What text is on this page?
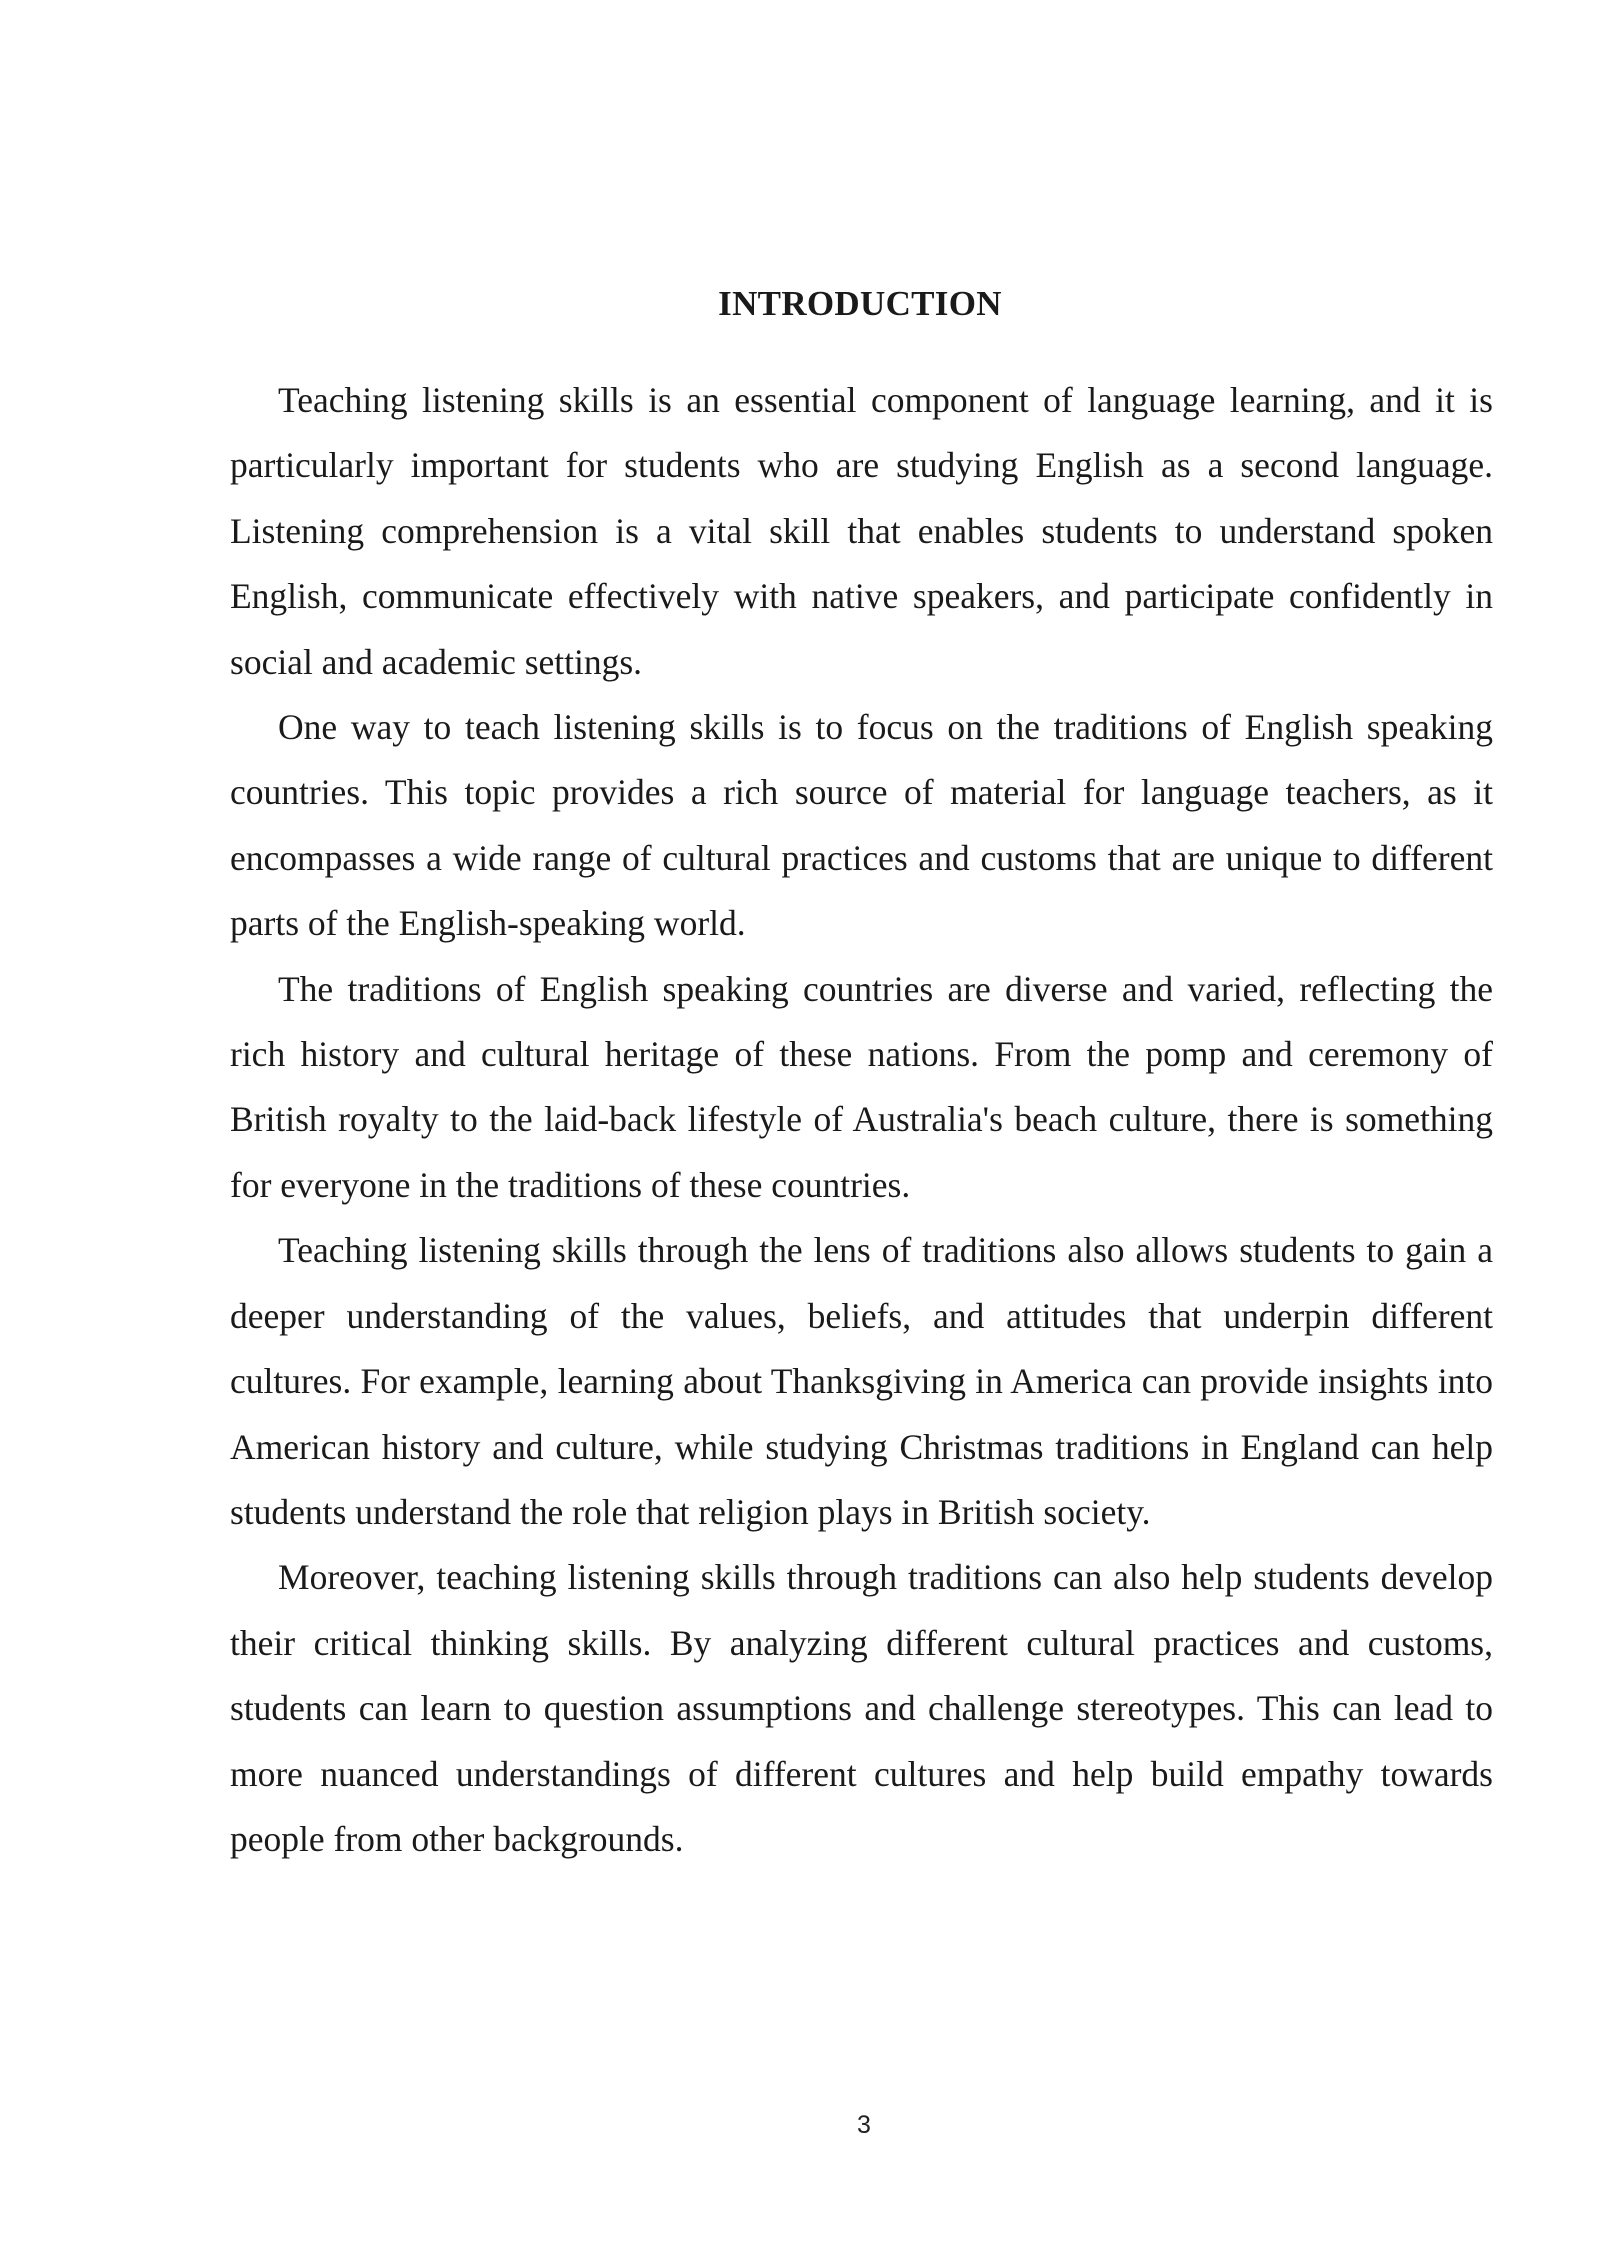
INTRODUCTION

Teaching listening skills is an essential component of language learning, and it is particularly important for students who are studying English as a second language. Listening comprehension is a vital skill that enables students to understand spoken English, communicate effectively with native speakers, and participate confidently in social and academic settings.

One way to teach listening skills is to focus on the traditions of English speaking countries. This topic provides a rich source of material for language teachers, as it encompasses a wide range of cultural practices and customs that are unique to different parts of the English-speaking world.

The traditions of English speaking countries are diverse and varied, reflecting the rich history and cultural heritage of these nations. From the pomp and ceremony of British royalty to the laid-back lifestyle of Australia's beach culture, there is something for everyone in the traditions of these countries.

Teaching listening skills through the lens of traditions also allows students to gain a deeper understanding of the values, beliefs, and attitudes that underpin different cultures. For example, learning about Thanksgiving in America can provide insights into American history and culture, while studying Christmas traditions in England can help students understand the role that religion plays in British society.

Moreover, teaching listening skills through traditions can also help students develop their critical thinking skills. By analyzing different cultural practices and customs, students can learn to question assumptions and challenge stereotypes. This can lead to more nuanced understandings of different cultures and help build empathy towards people from other backgrounds.

3
